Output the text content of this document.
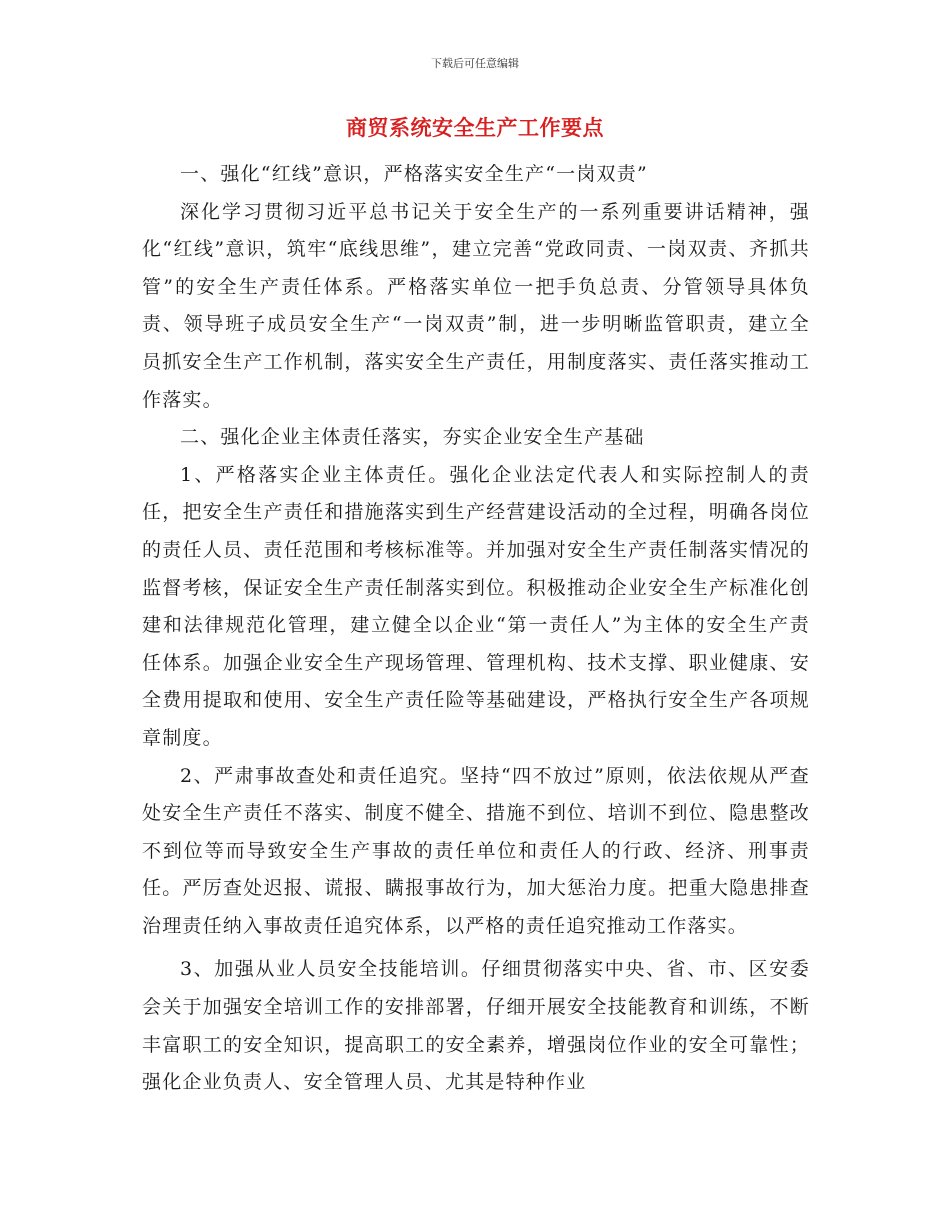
下载后可任意编辑
商贸系统安全生产工作要点

一、强化“红线”意识，严格落实安全生产“一岗双责”

深化学习贯彻习近平总书记关于安全生产的一系列重要讲话精神，强化“红线”意识，筑牢“底线思维”，建立完善“党政同责、一岗双责、齐抓共管”的安全生产责任体系。严格落实单位一把手负总责、分管领导具体负责、领导班子成员安全生产“一岗双责”制，进一步明晰监管职责，建立全员抓安全生产工作机制，落实安全生产责任，用制度落实、责任落实推动工作落实。

二、强化企业主体责任落实，夯实企业安全生产基础

1、严格落实企业主体责任。强化企业法定代表人和实际控制人的责任，把安全生产责任和措施落实到生产经营建设活动的全过程，明确各岗位的责任人员、责任范围和考核标准等。并加强对安全生产责任制落实情况的监督考核，保证安全生产责任制落实到位。积极推动企业安全生产标准化创建和法律规范化管理，建立健全以企业“第一责任人”为主体的安全生产责任体系。加强企业安全生产现场管理、管理机构、技术支撑、职业健康、安全费用提取和使用、安全生产责任险等基础建设，严格执行安全生产各项规章制度。

2、严肃事故查处和责任追究。坚持“四不放过”原则，依法依规从严查处安全生产责任不落实、制度不健全、措施不到位、培训不到位、隐患整改不到位等而导致安全生产事故的责任单位和责任人的行政、经济、刑事责任。严厉查处迟报、谎报、瞒报事故行为，加大惩治力度。把重大隐患排查治理责任纳入事故责任追究体系，以严格的责任追究推动工作落实。

3、加强从业人员安全技能培训。仔细贯彻落实中央、省、市、区安委会关于加强安全培训工作的安排部署，仔细开展安全技能教育和训练，不断丰富职工的安全知识，提高职工的安全素养，增强岗位作业的安全可靠性；强化企业负责人、安全管理人员、尤其是特种作业
